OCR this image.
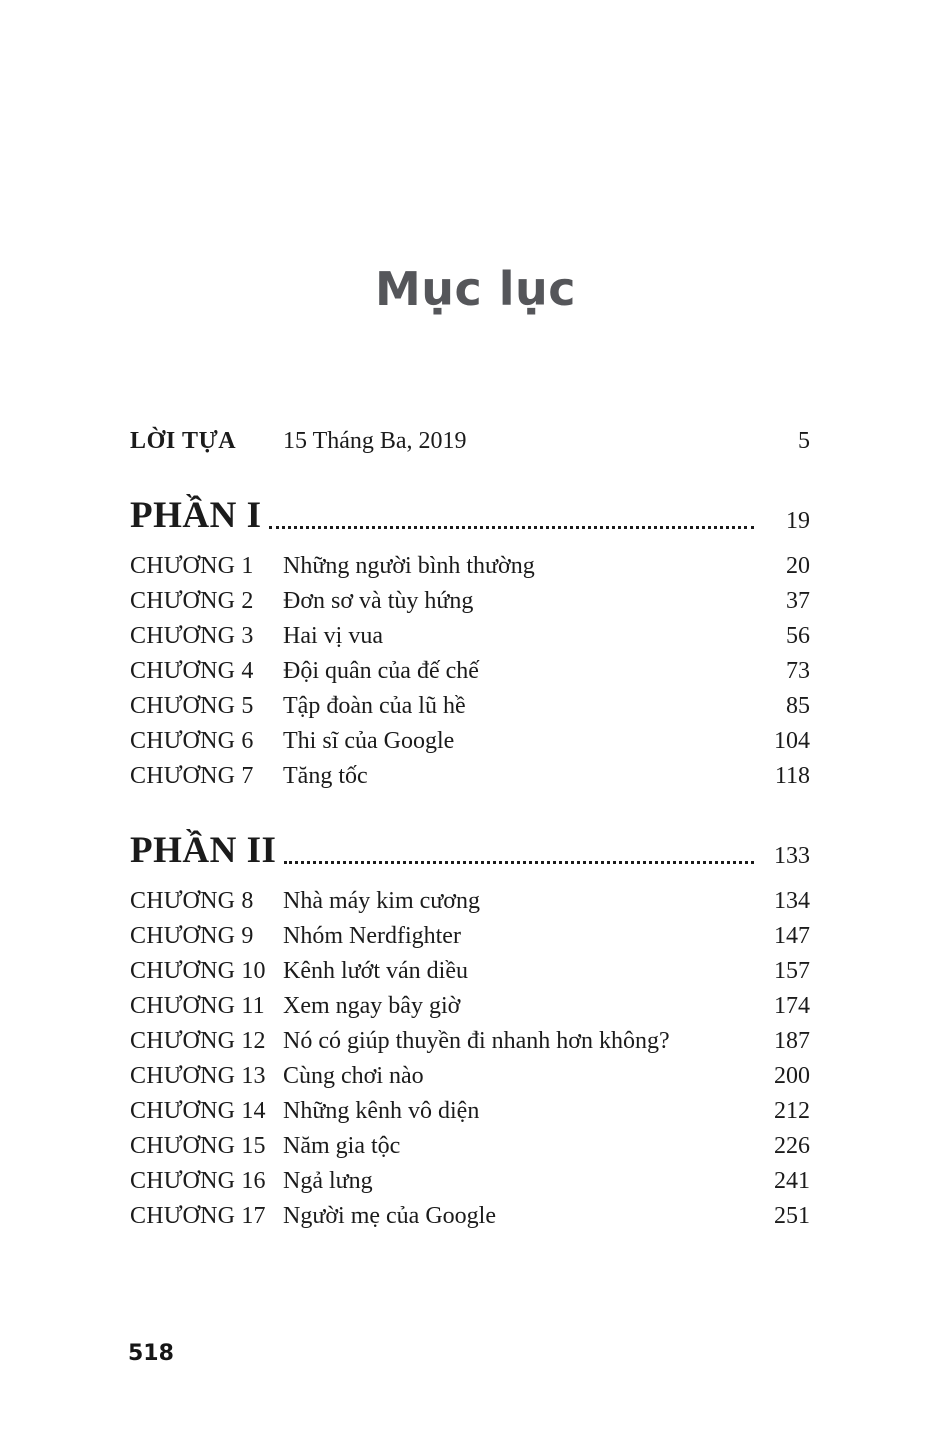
Mục lục
LỜI TỰA	15 Tháng Ba, 2019	5
PHẦN I	19
CHƯƠNG 1	Những người bình thường	20
CHƯƠNG 2	Đơn sơ và tùy hứng	37
CHƯƠNG 3	Hai vị vua	56
CHƯƠNG 4	Đội quân của đế chế	73
CHƯƠNG 5	Tập đoàn của lũ hề	85
CHƯƠNG 6	Thi sĩ của Google	104
CHƯƠNG 7	Tăng tốc	118
PHẦN II	133
CHƯƠNG 8	Nhà máy kim cương	134
CHƯƠNG 9	Nhóm Nerdfighter	147
CHƯƠNG 10 Kênh lướt ván diều	157
CHƯƠNG 11 Xem ngay bây giờ	174
CHƯƠNG 12 Nó có giúp thuyền đi nhanh hơn không?	187
CHƯƠNG 13 Cùng chơi nào	200
CHƯƠNG 14 Những kênh vô diện	212
CHƯƠNG 15 Năm gia tộc	226
CHƯƠNG 16 Ngả lưng	241
CHƯƠNG 17 Người mẹ của Google	251
518
